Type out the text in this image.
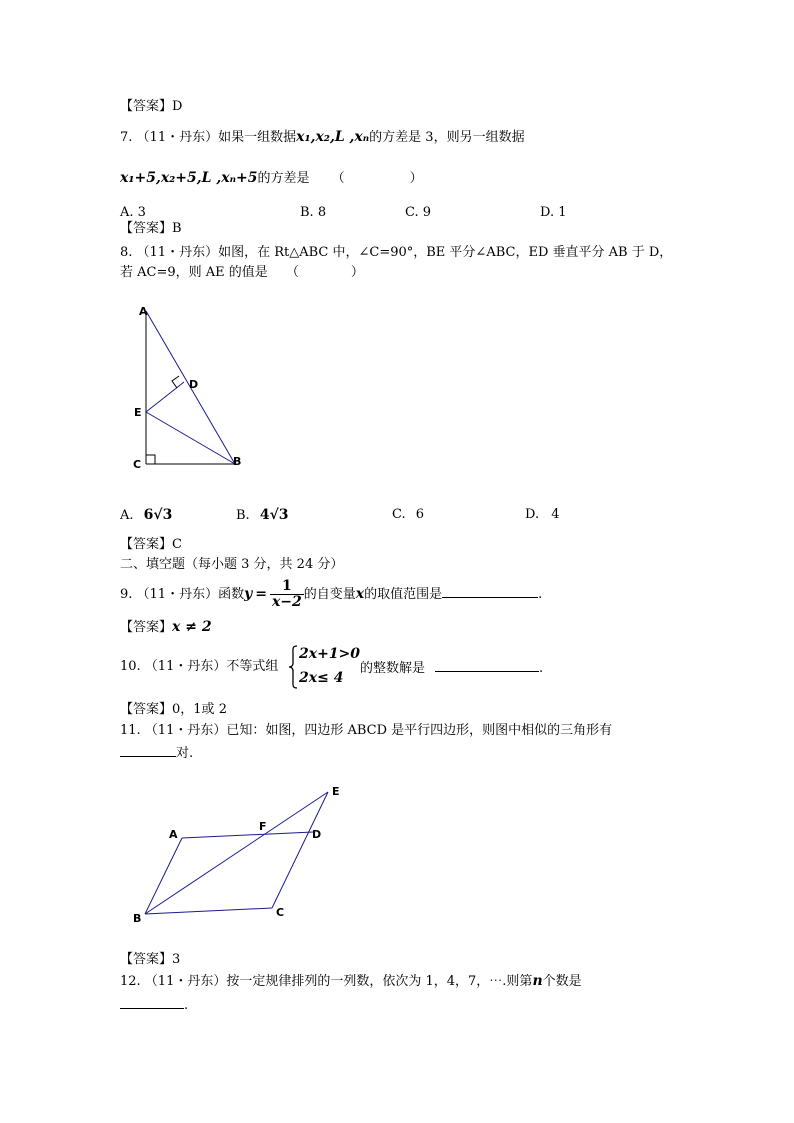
【答案】D
7. （11・丹东）如果一组数据x₁,x₂,L ,xₙ的方差是 3，则另一组数据
x₁+5,x₂+5,L ,xₙ+5的方差是 （　　　　　）
A. 3	B. 8	C. 9	D. 1
【答案】B
8. （11・丹东）如图，在 Rt△ABC 中，∠C=90°，BE 平分∠ABC，ED 垂直平分 AB 于 D，
若 AC=9，则 AE 的值是 （　　　　）
A
D
E
C	B
A. 6√3	B. 4√3	C. 6	D. 4
【答案】C
二、填空题（每小题 3 分，共 24 分）
9. （11・丹东）函数$y = \frac{1}{x-2}$ 的自变量x的取值范围是	.
【答案】x ≠ 2
10. （11・丹东）不等式组
2x+1>0
2x≤ 4
的整数解是	.
【答案】0，1或 2
11. （11・丹东）已知：如图，四边形 ABCD 是平行四边形，则图中相似的三角形有
对.
A
F
D
E
B	C
【答案】3
12. （11・丹东）按一定规律排列的一列数，依次为 1，4，7，⋯.则第n个数是
.
